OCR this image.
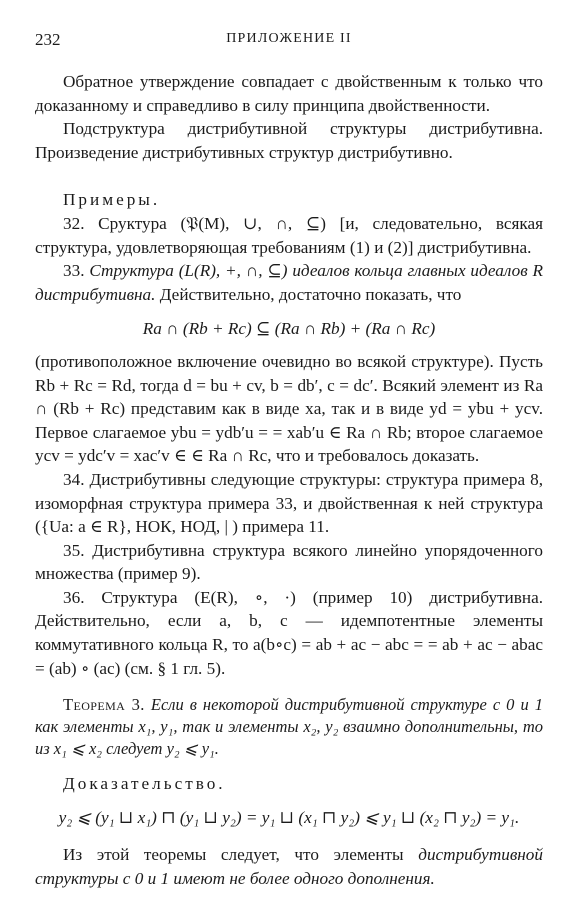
232	ПРИЛОЖЕНИЕ II

Обратное утверждение совпадает с двойственным к только что доказанному и справедливо в силу принципа двойственности.

Подструктура дистрибутивной структуры дистрибутивна. Произведение дистрибутивных структур дистрибутивно.

Примеры.

32. Сруктура (𝔓(M), ∪, ∩, ⊆) [и, следовательно, всякая структура, удовлетворяющая требованиям (1) и (2)] дистрибутивна.

33. Структура (L(R), +, ∩, ⊆) идеалов кольца главных идеалов R дистрибутивна. Действительно, достаточно показать, что

Ra ∩ (Rb + Rc) ⊆ (Ra ∩ Rb) + (Ra ∩ Rc)

(противоположное включение очевидно во всякой структуре). Пусть Rb + Rc = Rd, тогда d = bu + cv, b = db′, c = dc′. Всякий элемент из Ra ∩ (Rb + Rc) представим как в виде xa, так и в виде yd = ybu + ycv. Первое слагаемое ybu = ydb′u = = xab′u ∈ Ra ∩ Rb; второе слагаемое ycv = ydc′v = xac′v ∈ ∈ Ra ∩ Rc, что и требовалось доказать.

34. Дистрибутивны следующие структуры: структура примера 8, изоморфная структура примера 33, и двойственная к ней структура ({Ua: a ∈ R}, НОК, НОД, | ) примера 11.

35. Дистрибутивна структура всякого линейно упорядоченного множества (пример 9).

36. Структура (E(R), ∘, ·) (пример 10) дистрибутивна. Действительно, если a, b, c — идемпотентные элементы коммутативного кольца R, то a(b∘c) = ab + ac − abc = = ab + ac − abac = (ab) ∘ (ac) (см. § 1 гл. 5).

Теорема 3. Если в некоторой дистрибутивной структуре с 0 и 1 как элементы x₁, y₁, так и элементы x₂, y₂ взаимно дополнительны, то из x₁ ⩽ x₂ следует y₂ ⩽ y₁.

Доказательство.

y₂ ⩽ (y₁ ⊔ x₁) ⊓ (y₁ ⊔ y₂) = y₁ ⊔ (x₁ ⊓ y₂) ⩽ y₁ ⊔ (x₂ ⊓ y₂) = y₁.

Из этой теоремы следует, что элементы дистрибутивной структуры с 0 и 1 имеют не более одного дополнения.
